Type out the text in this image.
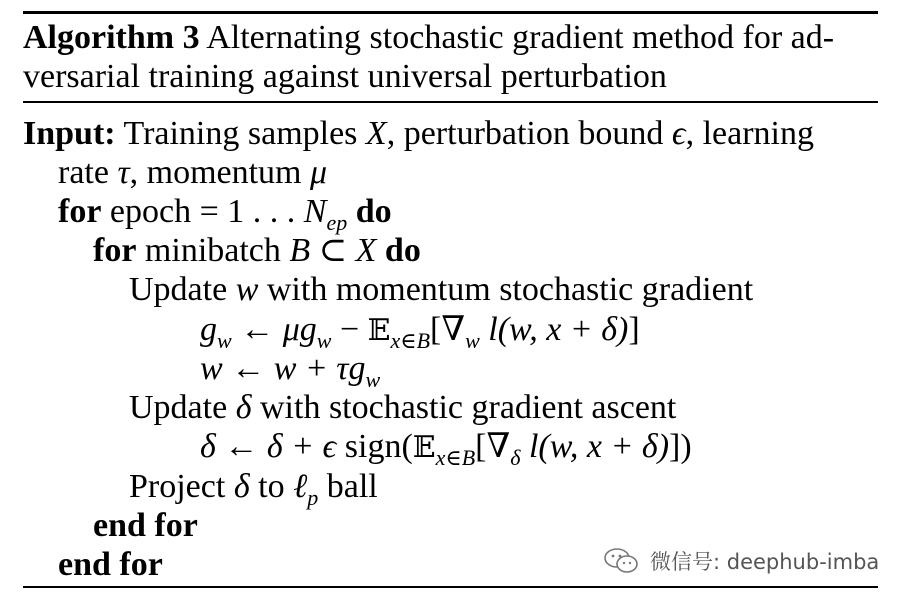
Algorithm 3 Alternating stochastic gradient method for ad-
versarial training against universal perturbation
Input: Training samples X, perturbation bound ϵ, learning
rate τ, momentum μ
for epoch = 1 . . . $N_{ep}$ do
for minibatch B ⊂ X do
Update w with momentum stochastic gradient
$g_w$ ← $\mu g_w$ − $𝔼_{x\in B}[\nabla_w$ l(w, x + δ)]
w ← $w + \tau g_w$
Update δ with stochastic gradient ascent
δ ← δ + ϵ $sign(𝔼_{x\in B}[\nabla_\delta$ l(w, x + δ)])
Project δ to ℓ$_p$ ball
end for
end for	微信号: deephub-imba
